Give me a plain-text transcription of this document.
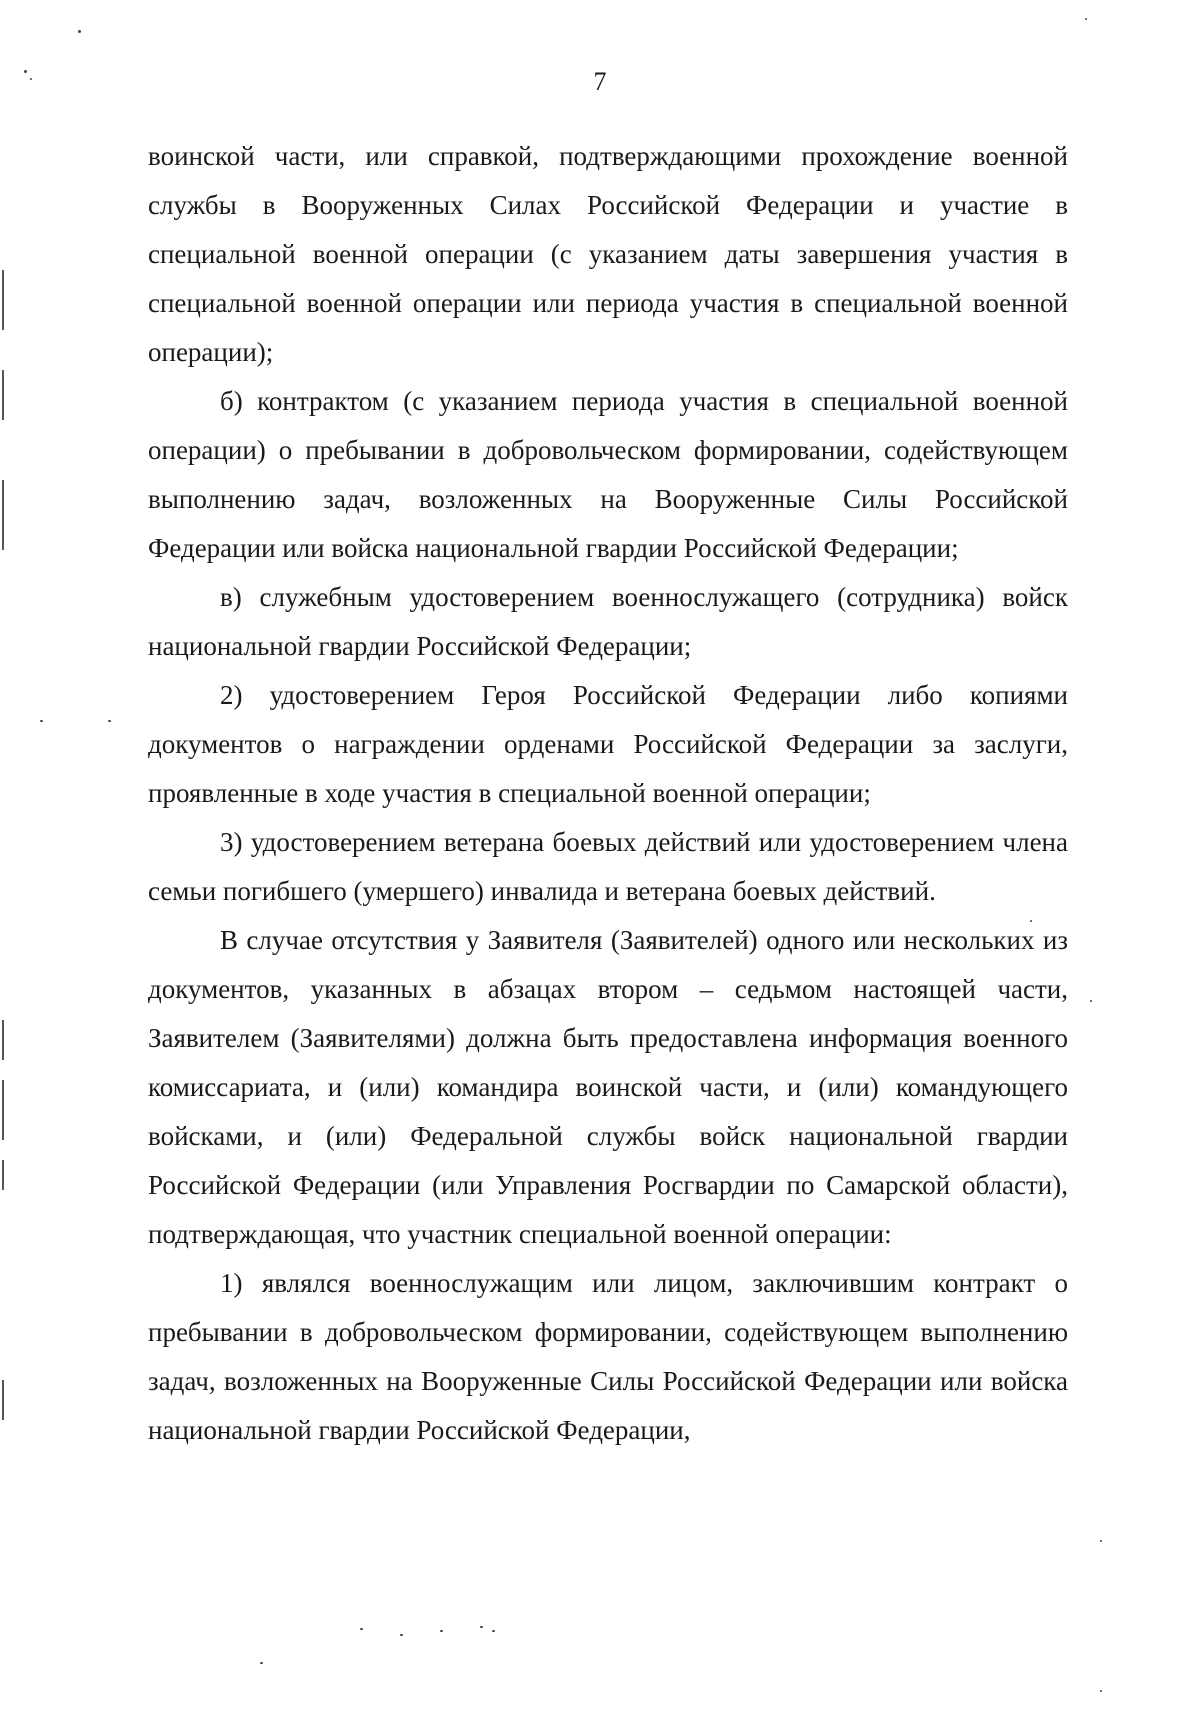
7

воинской части, или справкой, подтверждающими прохождение военной службы в Вооруженных Силах Российской Федерации и участие в специальной военной операции (с указанием даты завершения участия в специальной военной операции или периода участия в специальной военной операции);

б) контрактом (с указанием периода участия в специальной военной операции) о пребывании в добровольческом формировании, содействующем выполнению задач, возложенных на Вооруженные Силы Российской Федерации или войска национальной гвардии Российской Федерации;

в) служебным удостоверением военнослужащего (сотрудника) войск национальной гвардии Российской Федерации;

2) удостоверением Героя Российской Федерации либо копиями документов о награждении орденами Российской Федерации за заслуги, проявленные в ходе участия в специальной военной операции;

3) удостоверением ветерана боевых действий или удостоверением члена семьи погибшего (умершего) инвалида и ветерана боевых действий.

В случае отсутствия у Заявителя (Заявителей) одного или нескольких из документов, указанных в абзацах втором – седьмом настоящей части, Заявителем (Заявителями) должна быть предоставлена информация военного комиссариата, и (или) командира воинской части, и (или) командующего войсками, и (или) Федеральной службы войск национальной гвардии Российской Федерации (или Управления Росгвардии по Самарской области), подтверждающая, что участник специальной военной операции:

1) являлся военнослужащим или лицом, заключившим контракт о пребывании в добровольческом формировании, содействующем выполнению задач, возложенных на Вооруженные Силы Российской Федерации или войска национальной гвардии Российской Федерации,
